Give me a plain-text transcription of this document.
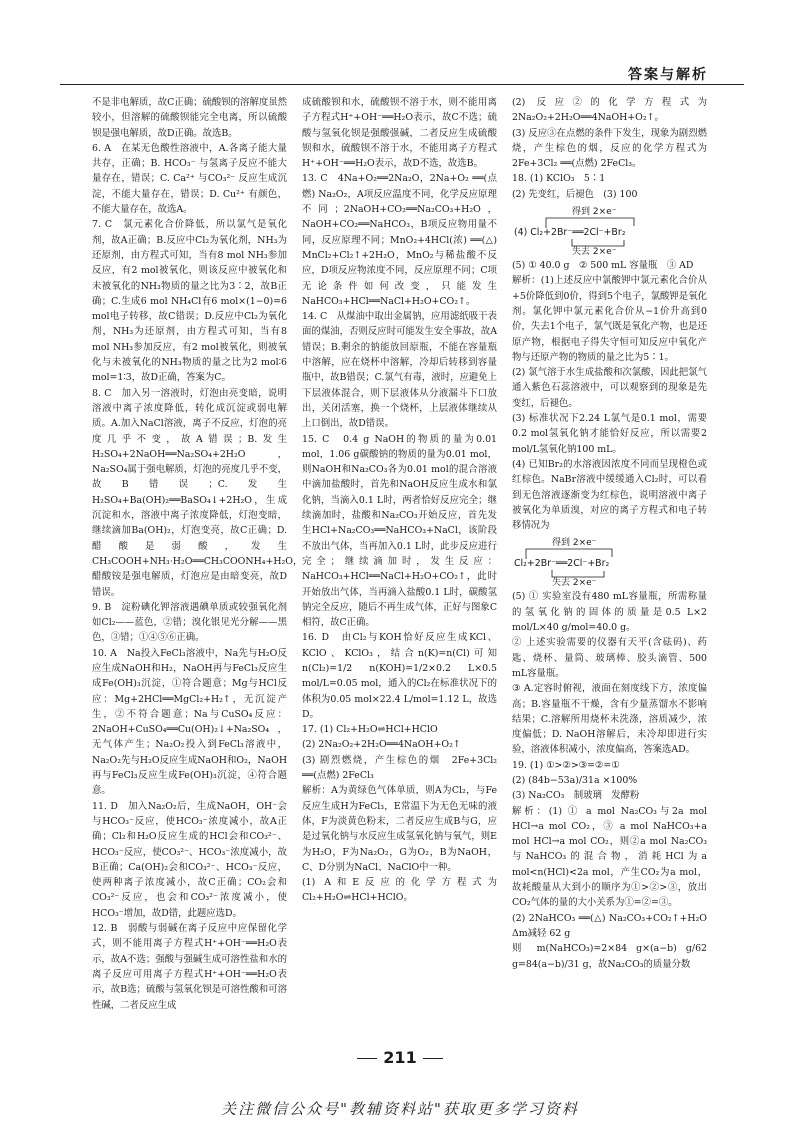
答案与解析

不是非电解质，故C正确；硫酸钡的溶解度虽然较小，但溶解的硫酸钡能完全电离，所以硫酸钡是强电解质，故D正确。故选B。

6. A　在某无色酸性溶液中，A.各离子能大量共存，正确；B. HCO₃⁻ 与氢离子反应不能大量存在，错误；C. Ca²⁺ 与CO₃²⁻ 反应生成沉淀，不能大量存在，错误；D. Cu²⁺ 有颜色，不能大量存在，故选A。

7. C　氯元素化合价降低，所以氯气是氧化剂，故A正确；B.反应中Cl₂为氧化剂，NH₃为还原剂，由方程式可知，当有8 mol NH₃参加反应，有2 mol被氧化，则该反应中被氧化和未被氧化的NH₃物质的量之比为3∶2，故B正确；C.生成6 mol NH₄Cl有6 mol×(1−0)=6 mol电子转移，故C错误；D.反应中Cl₂为氧化剂，NH₃为还原剂，由方程式可知，当有8 mol NH₃参加反应，有2 mol被氧化，则被氧化与未被氧化的NH₃物质的量之比为2 mol∶6 mol=1∶3，故D正确，答案为C。

8. C　加入另一溶液时，灯泡由亮变暗，说明溶液中离子浓度降低，转化成沉淀或弱电解质。A.加入NaCl溶液，离子不反应，灯泡的亮度几乎不变，故A错误；B.发生H₂SO₄+2NaOH══Na₂SO₄+2H₂O，Na₂SO₄属于强电解质，灯泡的亮度几乎不变，故B错误；C.发生H₂SO₄+Ba(OH)₂══BaSO₄↓+2H₂O，生成沉淀和水，溶液中离子浓度降低，灯泡变暗，继续滴加Ba(OH)₂，灯泡变亮，故C正确；D.醋酸是弱酸，发生CH₃COOH+NH₃·H₂O══CH₃COONH₄+H₂O，醋酸铵是强电解质，灯泡应是由暗变亮，故D错误。

9. B　淀粉碘化钾溶液遇碘单质或较强氧化剂如Cl₂——蓝色，②错；溴化银见光分解——黑色，③错；①④⑤⑥正确。

10. A　Na投入FeCl₃溶液中，Na先与H₂O反应生成NaOH和H₂，NaOH再与FeCl₃反应生成Fe(OH)₃沉淀，①符合题意；Mg与HCl反应：Mg+2HCl══MgCl₂+H₂↑，无沉淀产生，②不符合题意；Na与CuSO₄反应：2NaOH+CuSO₄══Cu(OH)₂↓+Na₂SO₄，无气体产生；Na₂O₂投入到FeCl₃溶液中，Na₂O₂先与H₂O反应生成NaOH和O₂，NaOH再与FeCl₃反应生成Fe(OH)₃沉淀，④符合题意。

11. D　加入Na₂O₂后，生成NaOH，OH⁻会与HCO₃⁻反应，使HCO₃⁻浓度减小，故A正确；Cl₂和H₂O反应生成的HCl会和CO₃²⁻、HCO₃⁻反应，使CO₃²⁻、HCO₃⁻浓度减小，故B正确；Ca(OH)₂会和CO₃²⁻、HCO₃⁻反应，使两种离子浓度减小，故C正确；CO₂会和CO₃²⁻反应，也会和CO₃²⁻浓度减小，使HCO₃⁻增加，故D错，此题应选D。

12. B　弱酸与弱碱在离子反应中应保留化学式，则不能用离子方程式H⁺+OH⁻══H₂O表示，故A不选；强酸与强碱生成可溶性盐和水的离子反应可用离子方程式H⁺+OH⁻══H₂O表示，故B选；硫酸与氢氧化钡是可溶性酸和可溶性碱，二者反应生成

成硫酸钡和水，硫酸钡不溶于水，则不能用离子方程式H⁺+OH⁻══H₂O表示，故C不选；硫酸与氢氧化钡是强酸强碱，二者反应生成硫酸钡和水，硫酸钡不溶于水，不能用离子方程式H⁺+OH⁻══H₂O表示，故D不选，故选B。

13. C　4Na+O₂══2Na₂O，2Na+O₂ ══(点燃) Na₂O₂，A项反应温度不同，化学反应原理不同；2NaOH+CO₂══Na₂CO₃+H₂O，NaOH+CO₂══NaHCO₃，B项反应物用量不同，反应原理不同；MnO₂+4HCl(浓) ══(△) MnCl₂+Cl₂↑+2H₂O，MnO₂与稀盐酸不反应，D项反应物浓度不同，反应原理不同；C项无论条件如何改变，只能发生NaHCO₃+HCl══NaCl+H₂O+CO₂↑。

14. C　从煤油中取出金属钠，应用滤纸吸干表面的煤油，否则反应时可能发生安全事故，故A错误；B.剩余的钠能放回原瓶，不能在容量瓶中溶解，应在烧杯中溶解，冷却后转移到容量瓶中，故B错误；C.氯气有毒，液时，应避免上下层液体混合，则下层液体从分液漏斗下口放出，关闭活塞，换一个烧杯，上层液体继续从上口倒出，故D错误。

15. C　0.4 g NaOH的物质的量为0.01 mol，1.06 g碳酸钠的物质的量为0.01 mol，则NaOH和Na₂CO₃各为0.01 mol的混合溶液中滴加盐酸时，首先和NaOH反应生成水和氯化钠，当滴入0.1 L时，两者恰好反应完全；继续滴加时，盐酸和Na₂CO₃开始反应，首先发生HCl+Na₂CO₃══NaHCO₃+NaCl，该阶段不放出气体，当再加入0.1 L时，此步反应进行完全；继续滴加时，发生反应：NaHCO₃+HCl══NaCl+H₂O+CO₂↑，此时开始放出气体，当再滴入盐酸0.1 L时，碳酸氢钠完全反应，随后不再生成气体，正好与图象C相符，故C正确。

16. D　由Cl₂与KOH恰好反应生成KCl、KClO、KClO₃，结合n(K)=n(Cl)可知 n(Cl₂)=1/2 n(KOH)=1/2×0.2 L×0.5 mol/L=0.05 mol，通入的Cl₂在标准状况下的体积为0.05 mol×22.4 L/mol=1.12 L，故选D。

17. (1) Cl₂+H₂O⇌HCl+HClO

(2) 2Na₂O₂+2H₂O══4NaOH+O₂↑

(3) 剧烈燃烧，产生棕色的烟　2Fe+3Cl₂ ══(点燃) 2FeCl₃

解析：A为黄绿色气体单质，则A为Cl₂，与Fe反应生成H为FeCl₃，E常温下为无色无味的液体，F为淡黄色粉末，二者反应生成B与G，应是过氧化钠与水反应生成氢氧化钠与氧气，则E为H₂O，F为Na₂O₂，G为O₂，B为NaOH，C、D分别为NaCl、NaClO中一种。

(1) A和E反应的化学方程式为Cl₂+H₂O⇌HCl+HClO。

(2) 反应②的化学方程式为2Na₂O₂+2H₂O══4NaOH+O₂↑。

(3) 反应③在点燃的条件下发生，现象为剧烈燃烧，产生棕色的烟，反应的化学方程式为 2Fe+3Cl₂ ══(点燃) 2FeCl₃。

18. (1) KClO₃　5∶1

(2) 先变红，后褪色　(3) 100

得到 2×e⁻
(4) Cl₂+2Br⁻══2Cl⁻+Br₂
失去 2×e⁻

(5) ① 40.0 g　② 500 mL 容量瓶　③ AD

解析：(1)上述反应中氯酸钾中氯元素化合价从+5价降低到0价，得到5个电子，氯酸钾是氧化剂。氯化钾中氯元素化合价从−1价升高到0价，失去1个电子，氯气既是氧化产物，也是还原产物，根据电子得失守恒可知反应中氧化产物与还原产物的物质的量之比为5∶1。

(2) 氯气溶于水生成盐酸和次氯酸，因此把氯气通入紫色石蕊溶液中，可以观察到的现象是先变红，后褪色。

(3) 标准状况下2.24 L氯气是0.1 mol，需要0.2 mol氢氧化钠才能恰好反应，所以需要2 mol/L氢氧化钠100 mL。

(4) 已知Br₂的水溶液因浓度不同而呈现橙色或红棕色。NaBr溶液中缓缓通入Cl₂时，可以看到无色溶液逐渐变为红棕色，说明溶液中离子被氧化为单质溴，对应的离子方程式和电子转移情况为

得到 2×e⁻
Cl₂+2Br⁻══2Cl⁻+Br₂
失去 2×e⁻

(5) ① 实验室没有480 mL容量瓶，所需称量的氢氧化钠的固体的质量是0.5 L×2 mol/L×40 g/mol=40.0 g。

② 上述实验需要的仪器有天平(含砝码)、药匙、烧杯、量筒、玻璃棒、胶头滴管、500 mL容量瓶。

③ A.定容时俯视，液面在刻度线下方，浓度偏高；B.容量瓶不干燥，含有少量蒸馏水不影响结果；C.溶解所用烧杯未洗涤，溶质减少，浓度偏低；D. NaOH溶解后，未冷却即进行实验，溶液体积减小，浓度偏高，答案选AD。

19. (1) ①>②>③=②=①

(2) (84b−53a)/31a ×100%

(3) Na₂CO₃　制玻璃　发酵粉

解析：(1) ① a mol Na₂CO₃与2a mol HCl→a mol CO₂，③ a mol NaHCO₃+a mol HCl→a mol CO₂，则②a mol Na₂CO₃与NaHCO₃的混合物，消耗HCl为a mol<n(HCl)<2a mol，产生CO₂为a mol，故耗酸量从大到小的顺序为①>②>③，放出CO₂气体的量的大小关系为①=②=③。

(2) 2NaHCO₃ ══(△) Na₂CO₃+CO₂↑+H₂O　Δm减轻 62 g

则 m(NaHCO₃)=2×84 g×(a−b) g/62 g=84(a−b)/31 g，故Na₂CO₃的质量分数

211
关注微信公众号"教辅资料站"获取更多学习资料
